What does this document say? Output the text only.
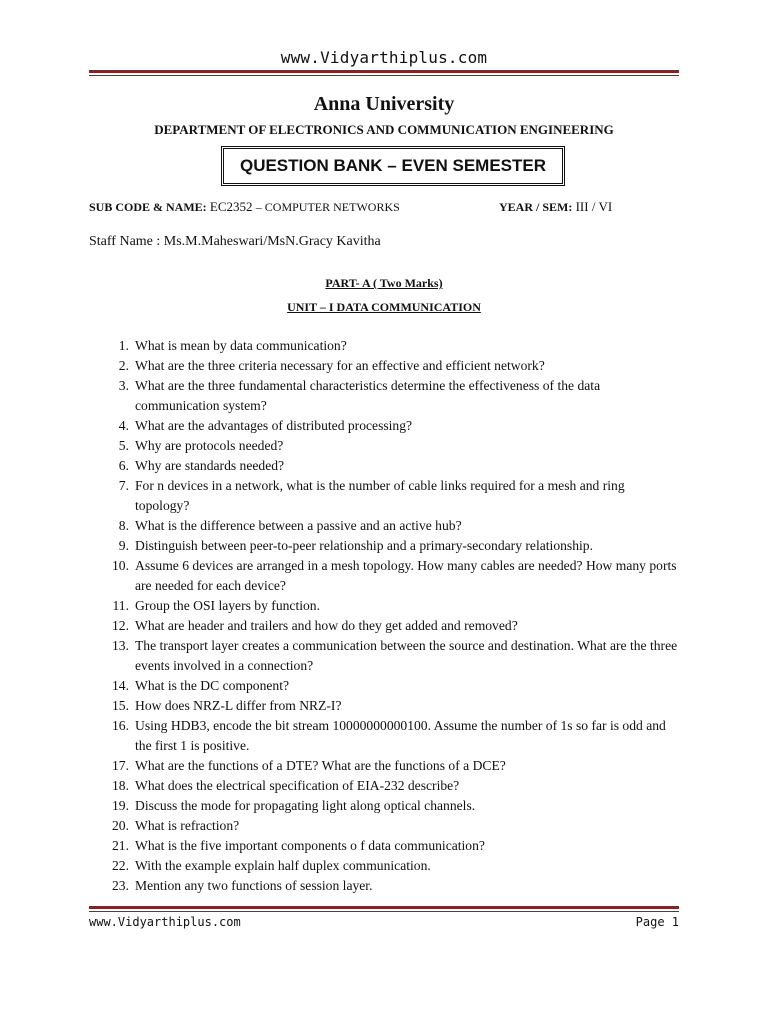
www.Vidyarthiplus.com
Anna University
DEPARTMENT OF ELECTRONICS AND COMMUNICATION ENGINEERING
QUESTION BANK – EVEN SEMESTER
SUB CODE & NAME: EC2352 – COMPUTER NETWORKS	YEAR / SEM: III / VI
Staff Name : Ms.M.Maheswari/MsN.Gracy Kavitha
PART- A ( Two Marks)
UNIT – I DATA COMMUNICATION
1. What is mean by data communication?
2. What are the three criteria necessary for an effective and efficient network?
3. What are the three fundamental characteristics determine the effectiveness of the data communication system?
4. What are the advantages of distributed processing?
5. Why are protocols needed?
6. Why are standards needed?
7. For n devices in a network, what is the number of cable links required for a mesh and ring topology?
8. What is the difference between a passive and an active hub?
9. Distinguish between peer-to-peer relationship and a primary-secondary relationship.
10. Assume 6 devices are arranged in a mesh topology. How many cables are needed? How many ports are needed for each device?
11. Group the OSI layers by function.
12. What are header and trailers and how do they get added and removed?
13. The transport layer creates a communication between the source and destination. What are the three events involved in a connection?
14. What is the DC component?
15. How does NRZ-L differ from NRZ-I?
16. Using HDB3, encode the bit stream 10000000000100. Assume the number of 1s so far is odd and the first 1 is positive.
17. What are the functions of a DTE? What are the functions of a DCE?
18. What does the electrical specification of EIA-232 describe?
19. Discuss the mode for propagating light along optical channels.
20. What is refraction?
21. What is the five important components o f data communication?
22. With the example explain half duplex communication.
23. Mention any two functions of session layer.
www.Vidyarthiplus.com	Page 1
